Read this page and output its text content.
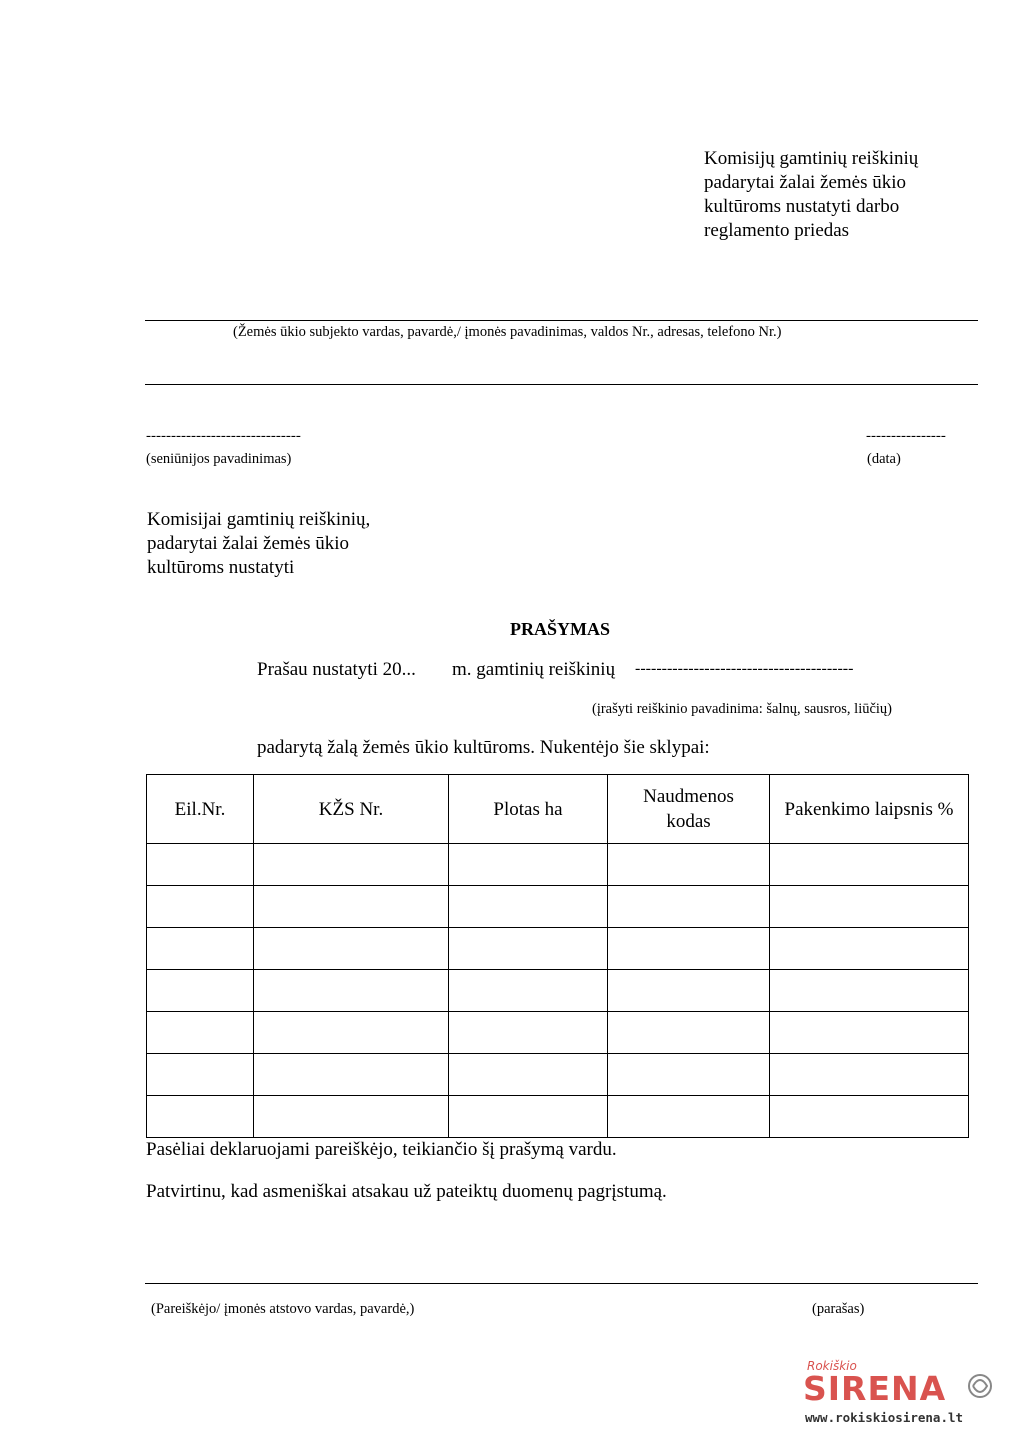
Komisijų gamtinių reiškinių
padarytai žalai žemės ūkio
kultūroms nustatyti darbo
reglamento priedas
(Žemės ūkio subjekto vardas, pavardė,/ įmonės pavadinimas, valdos Nr., adresas, telefono Nr.)
-------------------------------
(seniūnijos pavadinimas)
----------------
(data)
Komisijai gamtinių reiškinių,
padarytai žalai žemės ūkio
kultūroms nustatyti
PRAŠYMAS
Prašau nustatyti 20... m. gamtinių reiškinių -----------------------------------------
(įrašyti reiškinio pavadinima: šalnų, sausros, liūčių)
padarytą žalą žemės ūkio kultūroms. Nukentėjo šie sklypai:
Eil.Nr.	KŽS Nr.	Plotas ha	Naudmenos kodas	Pakenkimo laipsnis %

Pasėliai deklaruojami pareiškėjo, teikiančio šį prašymą vardu.
Patvirtinu, kad asmeniškai atsakau už pateiktų duomenų pagrįstumą.
(Pareiškėjo/ įmonės atstovo vardas, pavardė,)	(parašas)
Rokiškio
SIRENA
www.rokiskiosirena.lt
